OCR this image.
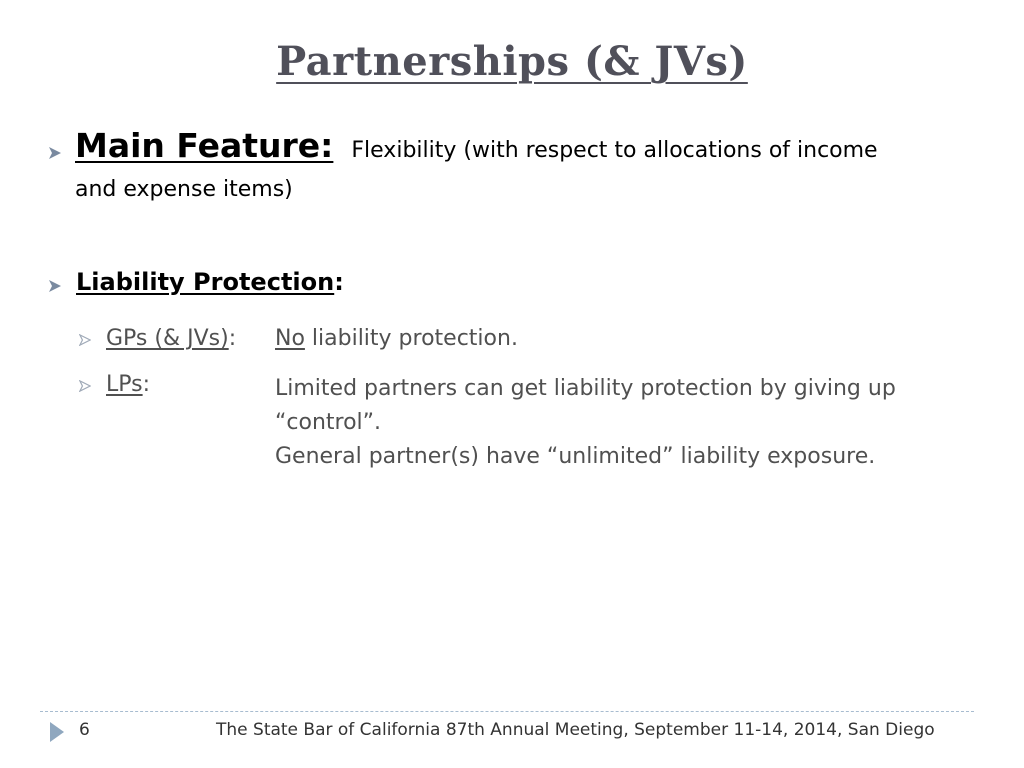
Partnerships (& JVs)
Main Feature: Flexibility (with respect to allocations of income
and expense items)
Liability Protection:
GPs (& JVs): No liability protection.
LPs:	Limited partners can get liability protection by giving up
“control”.
General partner(s) have “unlimited” liability exposure.
6	The State Bar of California 87th Annual Meeting, September 11-14, 2014, San Diego
